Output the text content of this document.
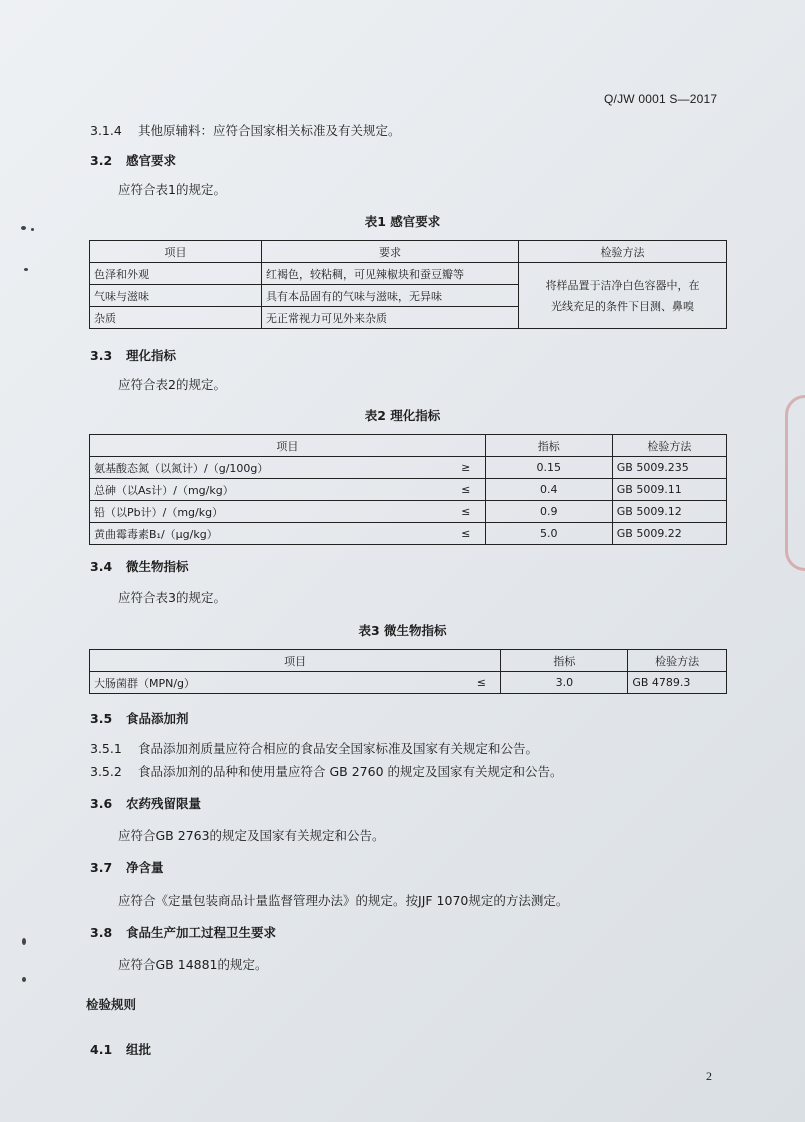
Q/JW 0001 S—2017
3.1.4 其他原辅料：应符合国家相关标准及有关规定。
3.2 感官要求
应符合表1的规定。
表1 感官要求
项目	要求	检验方法
色泽和外观	红褐色，较粘稠，可见辣椒块和蚕豆瓣等	将样品置于洁净白色容器中，在
光线充足的条件下目测、鼻嗅

气味与滋味	具有本品固有的气味与滋味，无异味	
杂质	无正常视力可见外来杂质	
3.3 理化指标
应符合表2的规定。
表2 理化指标
项目		指标	检验方法
氨基酸态氮（以氮计）/（g/100g）	≥	0.15	GB 5009.235
总砷（以As计）/（mg/kg）	≤	0.4	GB 5009.11
铅（以Pb计）/（mg/kg）	≤	0.9	GB 5009.12
黄曲霉毒素B₁/（μg/kg）	≤	5.0	GB 5009.22
3.4 微生物指标
应符合表3的规定。
表3 微生物指标
项目		指标	检验方法
大肠菌群（MPN/g）	≤	3.0	GB 4789.3
3.5 食品添加剂
3.5.1 食品添加剂质量应符合相应的食品安全国家标准及国家有关规定和公告。
3.5.2 食品添加剂的品种和使用量应符合 GB 2760 的规定及国家有关规定和公告。
3.6 农药残留限量
应符合GB 2763的规定及国家有关规定和公告。
3.7 净含量
应符合《定量包装商品计量监督管理办法》的规定。按JJF 1070规定的方法测定。
3.8 食品生产加工过程卫生要求
应符合GB 14881的规定。
检验规则
4.1 组批
2
